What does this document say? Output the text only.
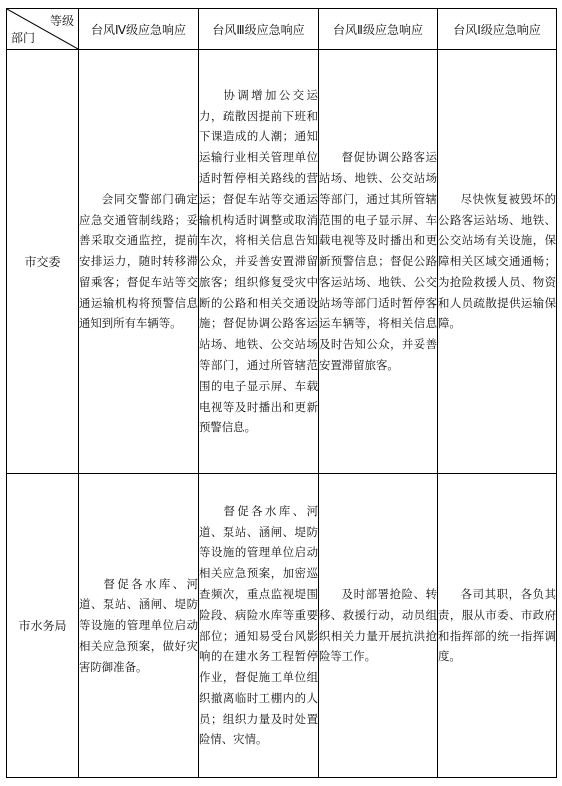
等级
部门	台风Ⅳ级应急响应	台风Ⅲ级应急响应	台风Ⅱ级应急响应	台风Ⅰ级应急响应
市交委	会同交警部门确定应急交通管制线路；妥善采取交通监控，提前安排运力，随时转移滞留乘客；督促车站等交通运输机构将预警信息通知到所有车辆等。	协调增加公交运力，疏散因提前下班和下课造成的人潮；通知运输行业相关管理单位适时暂停相关路线的营运；督促车站等交通运输机构适时调整或取消车次，将相关信息告知公众，并妥善安置滞留旅客；组织修复受灾中断的公路和相关交通设施；督促协调公路客运站场、地铁、公交站场等部门，通过所管辖范围的电子显示屏、车载电视等及时播出和更新预警信息。	督促协调公路客运站场、地铁、公交站场等部门，通过其所管辖范围的电子显示屏、车载电视等及时播出和更新预警信息；督促公路客运站场、地铁、公交站场等部门适时暂停客运车辆等，将相关信息及时告知公众，并妥善安置滞留旅客。	尽快恢复被毁坏的公路客运站场、地铁、公交站场有关设施，保障相关区域交通通畅；为抢险救援人员、物资和人员疏散提供运输保障。
市水务局	督促各水库、河道、泵站、涵闸、堤防等设施的管理单位启动相关应急预案，做好灾害防御准备。	督促各水库、河道、泵站、涵闸、堤防等设施的管理单位启动相关应急预案，加密巡查频次，重点监视堤围险段、病险水库等重要部位；通知易受台风影响的在建水务工程暂停作业，督促施工单位组织撤离临时工棚内的人员；组织力量及时处置险情、灾情。	及时部署抢险、转移、救援行动，动员组织相关力量开展抗洪抢险等工作。	各司其职，各负其责，服从市委、市政府和指挥部的统一指挥调度。
